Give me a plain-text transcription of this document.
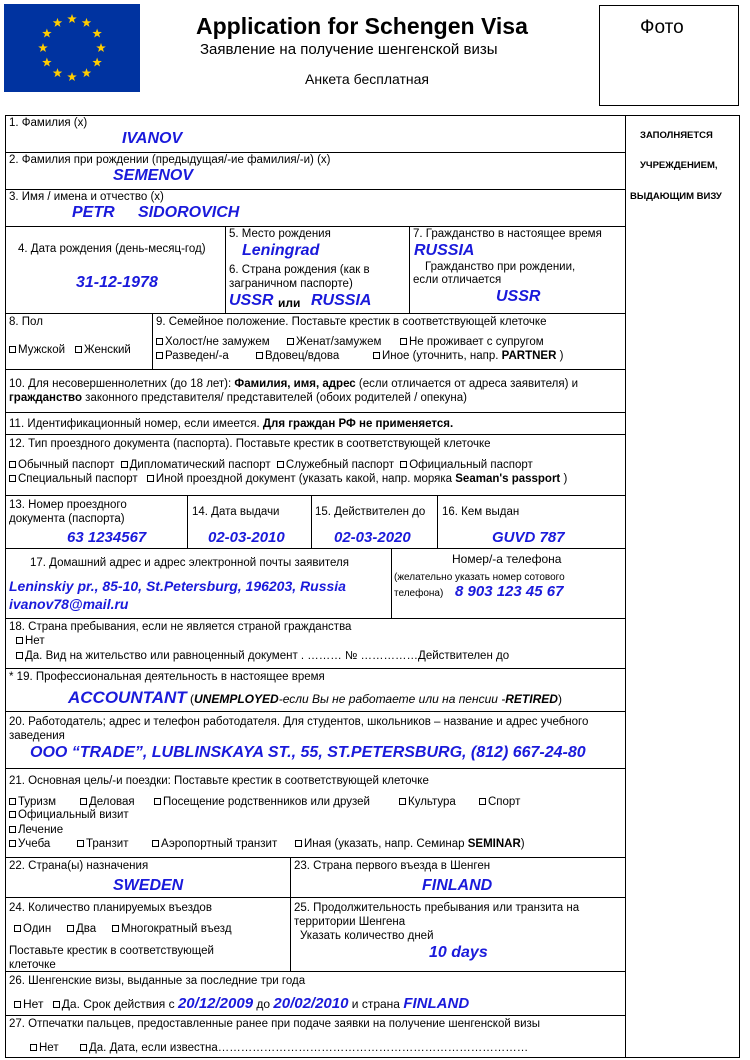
Application for Schengen Visa
Заявление на получение шенгенской визы
Анкета бесплатная
Фото
ЗАПОЛНЯЕТСЯ
УЧРЕЖДЕНИЕМ,
ВЫДАЮЩИМ ВИЗУ
1. Фамилия (x)
IVANOV
2. Фамилия при рождении (предыдущая/-ие фамилия/-и) (x)
SEMENOV
3. Имя / имена и отчество (x)
PETR SIDOROVICH
4. Дата рождения (день-месяц-год)
31-12-1978
5. Место рождения
Leningrad
6. Страна рождения (как в
заграничном паспорте)
USSR или RUSSIA
7. Гражданство в настоящее время
RUSSIA
Гражданство при рождении,
если отличается
USSR
8. Пол
Мужской	Женский
9. Семейное положение. Поставьте крестик в соответствующей клеточке
Холост/не замужем	Женат/замужем	Не проживает с супругом
Разведен/-а	Вдовец/вдова	Иное (уточнить, напр. PARTNER )
10. Для несовершеннолетних (до 18 лет): Фамилия, имя, адрес (если отличается от адреса заявителя) и
гражданство законного представителя/ представителей (обоих родителей / опекуна)
11. Идентификационный номер, если имеется. Для граждан РФ не применяется.
12. Тип проездного документа (паспорта). Поставьте крестик в соответствующей клеточке
Обычный паспорт Дипломатический паспорт Служебный паспорт Официальный паспорт
Специальный паспорт Иной проездной документ (указать какой, напр. моряка Seaman's passport )
13. Номер проездного
документа (паспорта)
63 1234567
14. Дата выдачи
02-03-2010
15. Действителен до
02-03-2020
16. Кем выдан
GUVD 787
17. Домашний адрес и адрес электронной почты заявителя
Leninskiy pr., 85-10, St.Petersburg, 196203, Russia
ivanov78@mail.ru
Номер/-а телефона
(желательно указать номер сотового
телефона) 8 903 123 45 67
18. Страна пребывания, если не является страной гражданства
Нет
Да. Вид на жительство или равноценный документ . ……… № ……………Действителен до
* 19. Профессиональная деятельность в настоящее время
ACCOUNTANT (UNEMPLOYED-если Вы не работаете или на пенсии -RETIRED)
20. Работодатель; адрес и телефон работодателя. Для студентов, школьников – название и адрес учебного
заведения
OOO “TRADE”, LUBLINSKAYA ST., 55, ST.PETERSBURG, (812) 667-24-80
21. Основная цель/-и поездки: Поставьте крестик в соответствующей клеточке
Туризм	Деловая	Посещение родственников или друзей	Культура	Спорт
Официальный визит
Лечение
Учеба	Транзит	Аэропортный транзит	Иная (указать, напр. Семинар SEMINAR)
22. Страна(ы) назначения
SWEDEN
23. Страна первого въезда в Шенген
FINLAND
24. Количество планируемых въездов
Один	Два	Многократный въезд
Поставьте крестик в соответствующей
клеточке
25. Продолжительность пребывания или транзита на
территории Шенгена
Указать количество дней
10 days
26. Шенгенские визы, выданные за последние три года
Нет Да. Срок действия с 20/12/2009 до 20/02/2010 и страна FINLAND
27. Отпечатки пальцев, предоставленные ранее при подаче заявки на получение шенгенской визы
Нет	Да. Дата, если известна………………………………………………………………………
